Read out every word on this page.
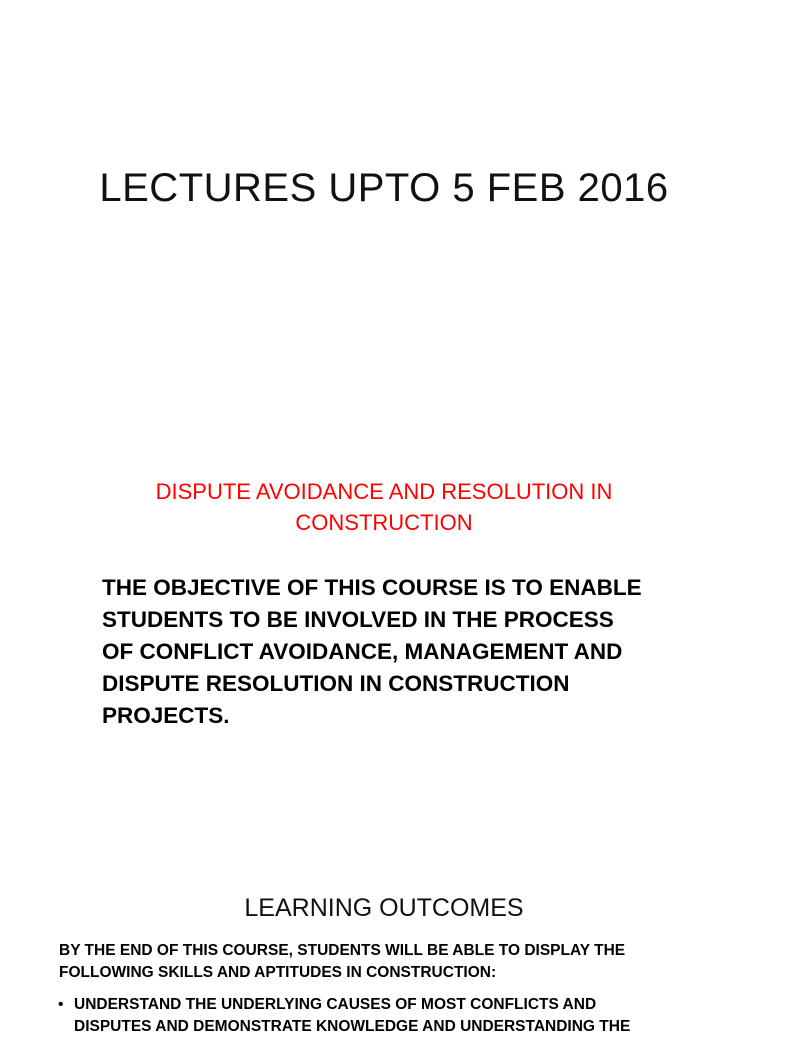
LECTURES UPTO 5 FEB 2016
DISPUTE AVOIDANCE AND RESOLUTION IN
CONSTRUCTION
THE OBJECTIVE OF THIS COURSE IS TO ENABLE
STUDENTS TO BE INVOLVED IN THE PROCESS
OF CONFLICT AVOIDANCE, MANAGEMENT AND
DISPUTE RESOLUTION IN CONSTRUCTION
PROJECTS.
LEARNING OUTCOMES
BY THE END OF THIS COURSE, STUDENTS WILL BE ABLE TO DISPLAY THE
FOLLOWING SKILLS AND APTITUDES IN CONSTRUCTION:
• UNDERSTAND THE UNDERLYING CAUSES OF MOST CONFLICTS AND
DISPUTES AND DEMONSTRATE KNOWLEDGE AND UNDERSTANDING THE
